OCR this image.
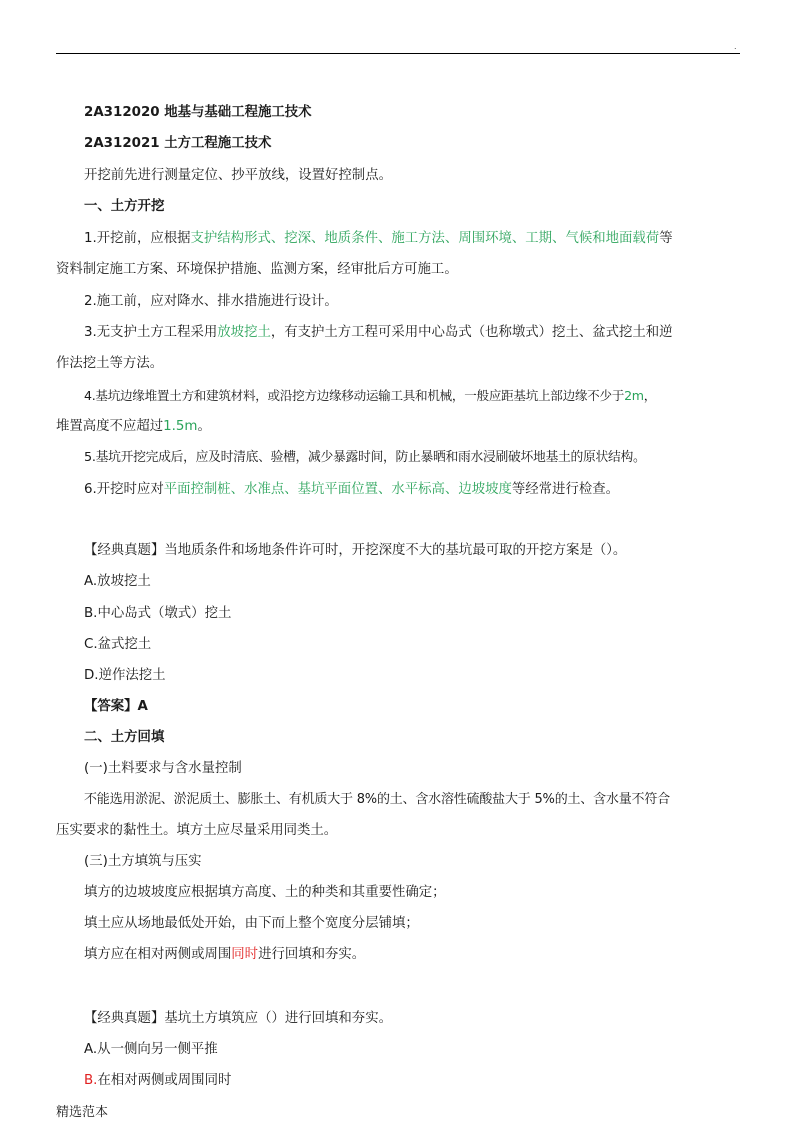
.
2A312020 地基与基础工程施工技术
2A312021 土方工程施工技术
开挖前先进行测量定位、抄平放线，设置好控制点。
一、土方开挖
1.开挖前，应根据支护结构形式、挖深、地质条件、施工方法、周围环境、工期、气候和地面载荷等
资料制定施工方案、环境保护措施、监测方案，经审批后方可施工。
2.施工前，应对降水、排水措施进行设计。
3.无支护土方工程采用放坡挖土，有支护土方工程可采用中心岛式（也称墩式）挖土、盆式挖土和逆
作法挖土等方法。
4.基坑边缘堆置土方和建筑材料，或沿挖方边缘移动运输工具和机械，一般应距基坑上部边缘不少于2m，
堆置高度不应超过1.5m。
5.基坑开挖完成后，应及时清底、验槽，减少暴露时间，防止暴晒和雨水浸刷破坏地基土的原状结构。
6.开挖时应对平面控制桩、水准点、基坑平面位置、水平标高、边坡坡度等经常进行检查。
【经典真题】当地质条件和场地条件许可时，开挖深度不大的基坑最可取的开挖方案是（）。
A.放坡挖土
B.中心岛式（墩式）挖土
C.盆式挖土
D.逆作法挖土
【答案】A
二、土方回填
(一)土料要求与含水量控制
不能选用淤泥、淤泥质土、膨胀土、有机质大于 8%的土、含水溶性硫酸盐大于 5%的土、含水量不符合
压实要求的黏性土。填方土应尽量采用同类土。
(三)土方填筑与压实
填方的边坡坡度应根据填方高度、土的种类和其重要性确定；
填土应从场地最低处开始，由下而上整个宽度分层铺填；
填方应在相对两侧或周围同时进行回填和夯实。
【经典真题】基坑土方填筑应（）进行回填和夯实。
A.从一侧向另一侧平推
B.在相对两侧或周围同时
精选范本
